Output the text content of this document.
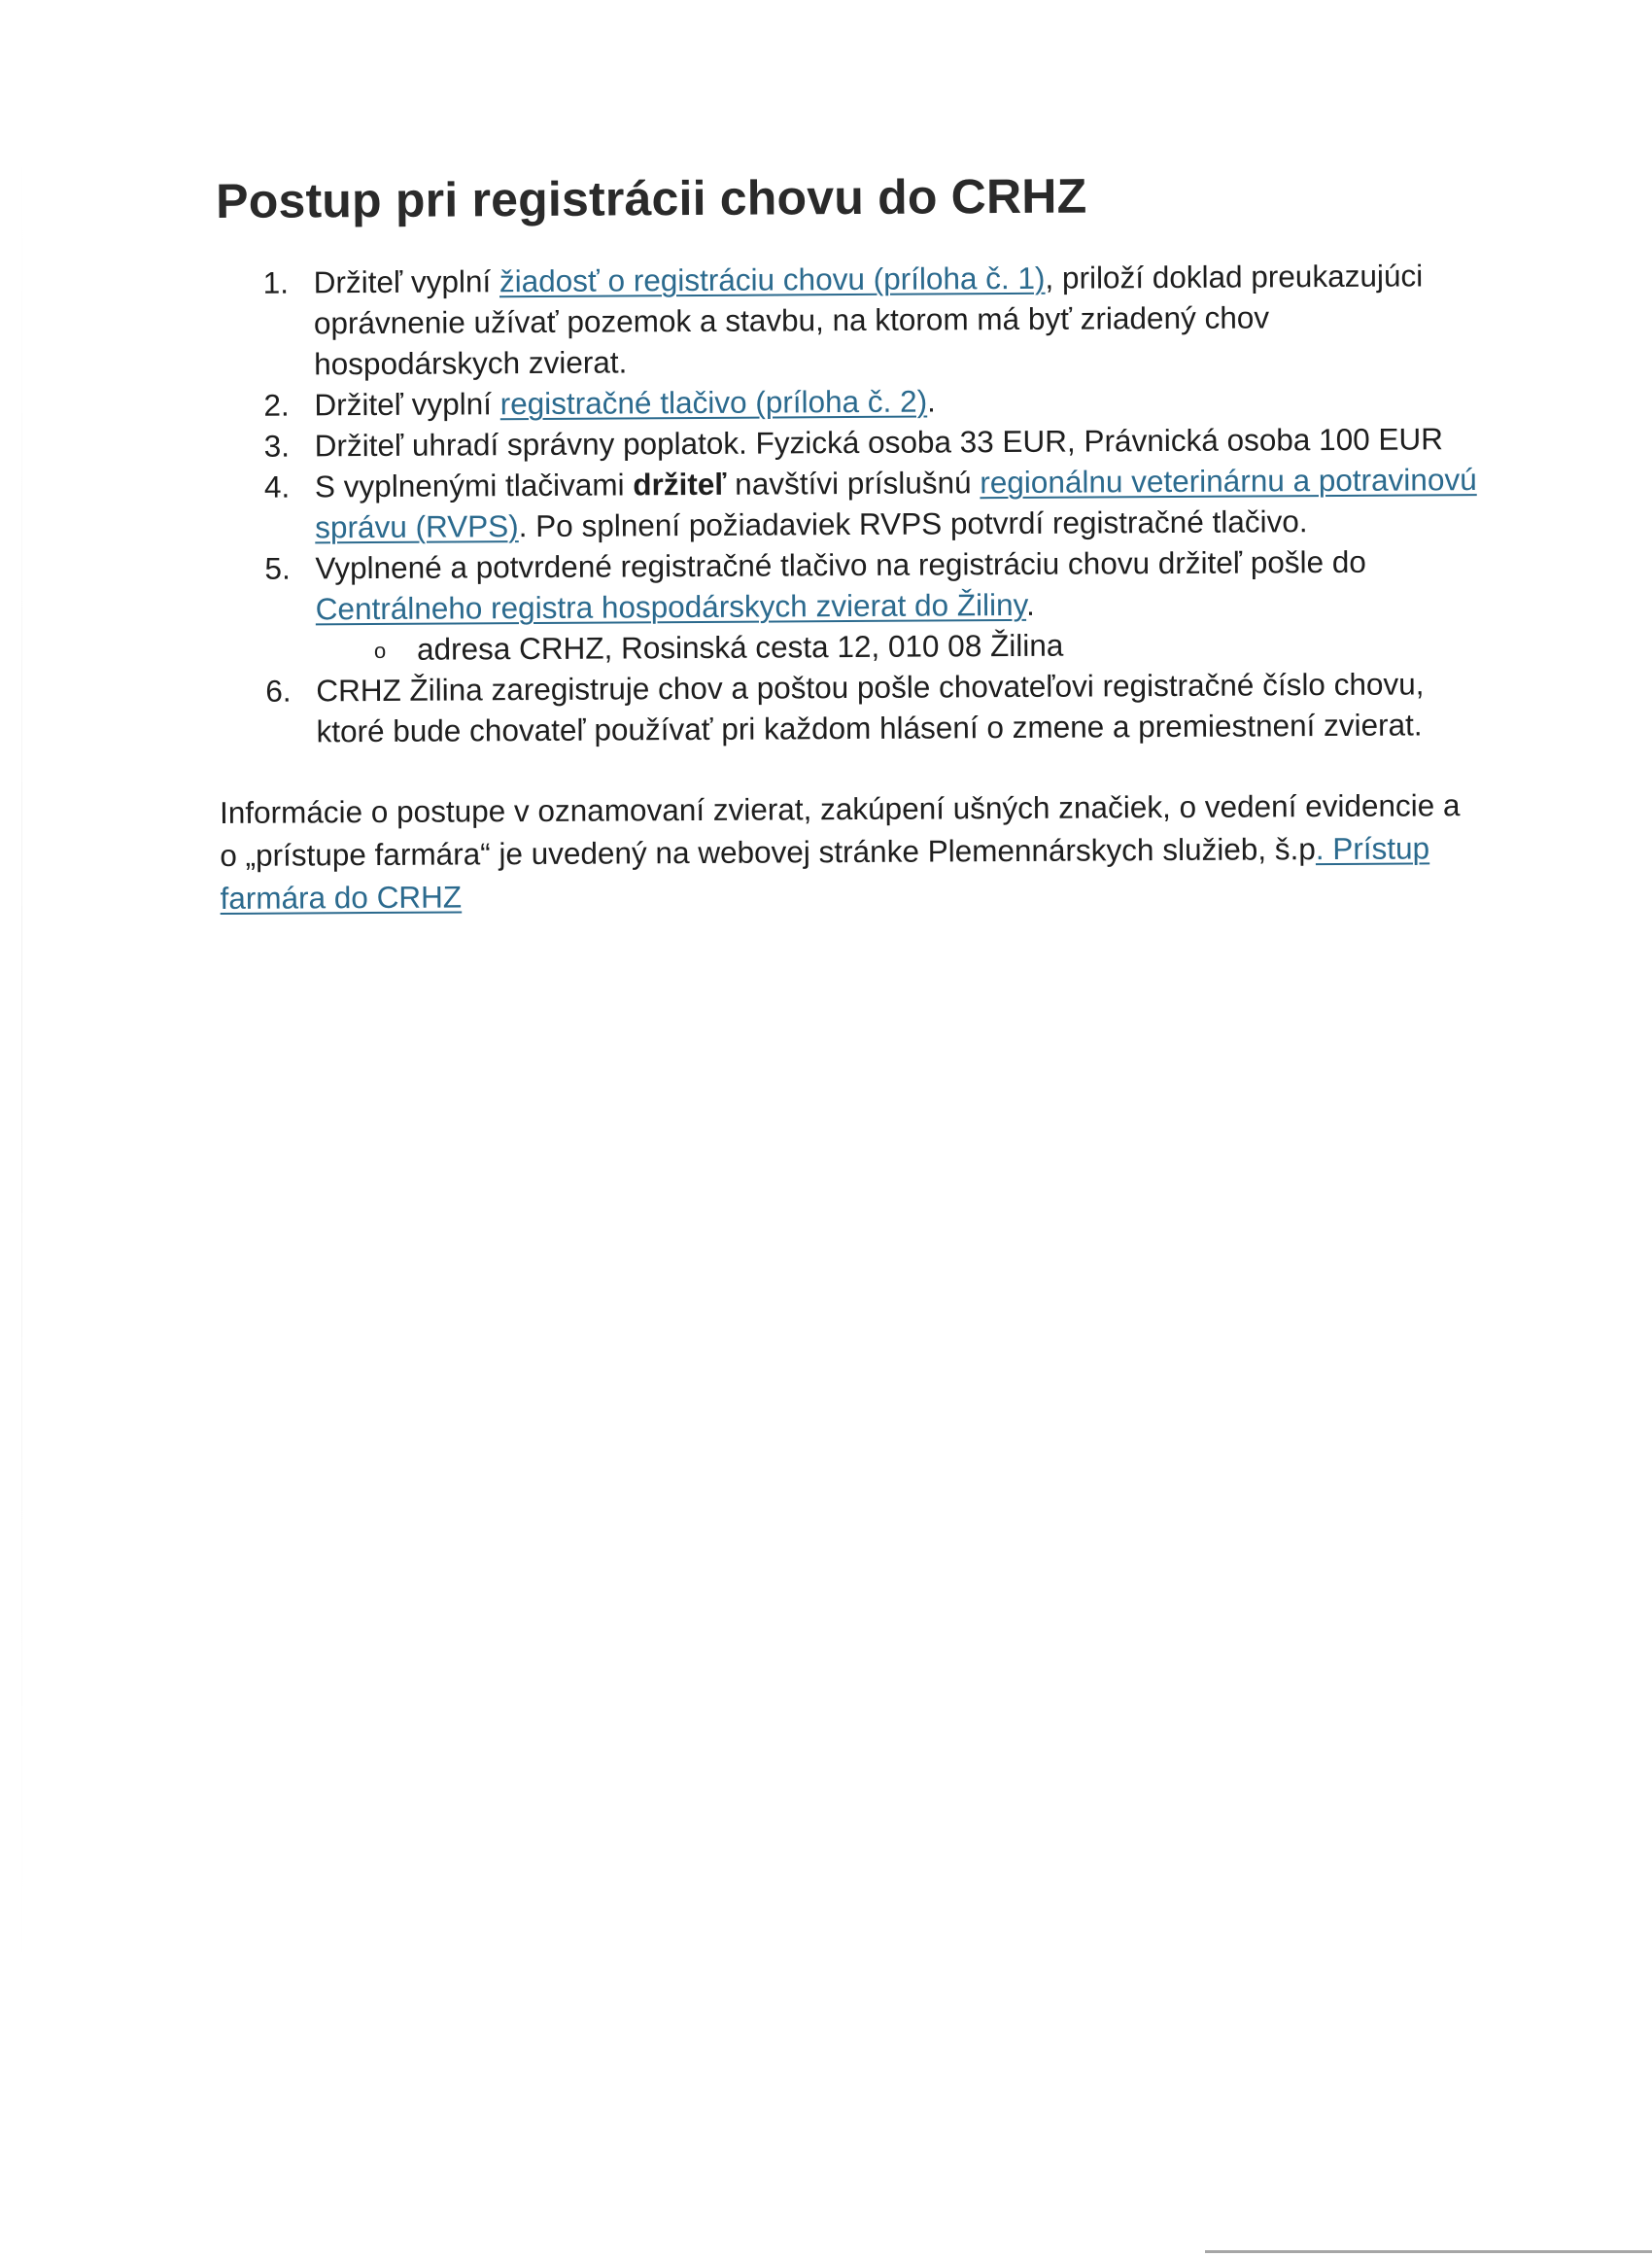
Postup pri registrácii chovu do CRHZ
1. Držiteľ vyplní žiadosť o registráciu chovu (príloha č. 1), priloží doklad preukazujúci oprávnenie užívať pozemok a stavbu, na ktorom má byť zriadený chov hospodárskych zvierat.
2. Držiteľ vyplní registračné tlačivo (príloha č. 2).
3. Držiteľ uhradí správny poplatok. Fyzická osoba 33 EUR, Právnická osoba 100 EUR
4. S vyplnenými tlačivami držiteľ navštívi príslušnú regionálnu veterinárnu a potravinovú správu (RVPS). Po splnení požiadaviek RVPS potvrdí registračné tlačivo.
5. Vyplnené a potvrdené registračné tlačivo na registráciu chovu držiteľ pošle do Centrálneho registra hospodárskych zvierat do Žiliny.
o adresa CRHZ, Rosinská cesta 12, 010 08 Žilina
6. CRHZ Žilina zaregistruje chov a poštou pošle chovateľovi registračné číslo chovu, ktoré bude chovateľ používať pri každom hlásení o zmene a premiestnení zvierat.

Informácie o postupe v oznamovaní zvierat, zakúpení ušných značiek, o vedení evidencie a o „prístupe farmára“ je uvedený na webovej stránke Plemennárskych služieb, š.p. Prístup farmára do CRHZ
